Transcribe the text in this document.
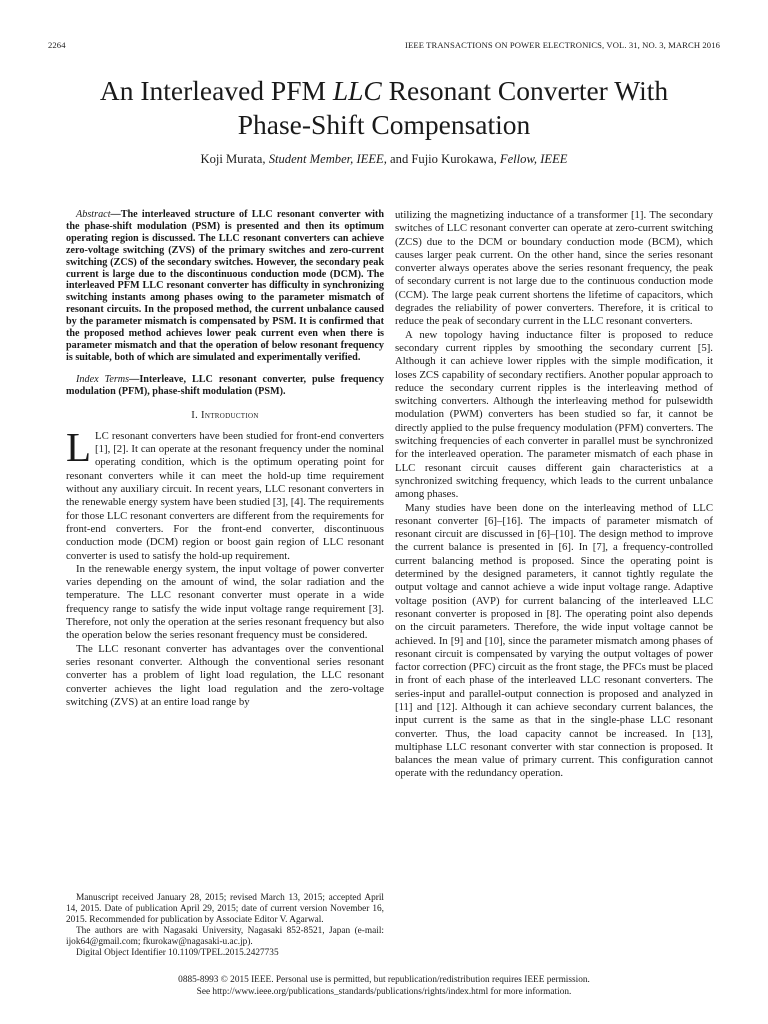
2264	IEEE TRANSACTIONS ON POWER ELECTRONICS, VOL. 31, NO. 3, MARCH 2016
An Interleaved PFM LLC Resonant Converter With
Phase-Shift Compensation
Koji Murata, Student Member, IEEE, and Fujio Kurokawa, Fellow, IEEE

Abstract—The interleaved structure of LLC resonant converter with the phase-shift modulation (PSM) is presented and then its optimum operating region is discussed. The LLC resonant converters can achieve zero-voltage switching (ZVS) of the primary switches and zero-current switching (ZCS) of the secondary switches. However, the secondary peak current is large due to the discontinuous conduction mode (DCM). The interleaved PFM LLC resonant converter has difficulty in synchronizing switching instants among phases owing to the parameter mismatch of resonant circuits. In the proposed method, the current unbalance caused by the parameter mismatch is compensated by PSM. It is confirmed that the proposed method achieves lower peak current even when there is parameter mismatch and that the operation of below resonant frequency is suitable, both of which are simulated and experimentally verified.

Index Terms—Interleave, LLC resonant converter, pulse frequency modulation (PFM), phase-shift modulation (PSM).

I. Introduction

LLC resonant converters have been studied for front-end converters [1], [2]. It can operate at the resonant frequency under the nominal operating condition, which is the optimum operating point for resonant converters while it can meet the hold-up time requirement without any auxiliary circuit. In recent years, LLC resonant converters in the renewable energy system have been studied [3], [4]. The requirements for those LLC resonant converters are different from the requirements for front-end converters. For the front-end converter, discontinuous conduction mode (DCM) region or boost gain region of LLC resonant converter is used to satisfy the hold-up requirement.

In the renewable energy system, the input voltage of power converter varies depending on the amount of wind, the solar radiation and the temperature. The LLC resonant converter must operate in a wide frequency range to satisfy the wide input voltage range requirement [3]. Therefore, not only the operation at the series resonant frequency but also the operation below the series resonant frequency must be considered.

The LLC resonant converter has advantages over the conventional series resonant converter. Although the conventional series resonant converter has a problem of light load regulation, the LLC resonant converter achieves the light load regulation and the zero-voltage switching (ZVS) at an entire load range by

Manuscript received January 28, 2015; revised March 13, 2015; accepted April 14, 2015. Date of publication April 29, 2015; date of current version November 16, 2015. Recommended for publication by Associate Editor V. Agarwal.

The authors are with Nagasaki University, Nagasaki 852-8521, Japan (e-mail: ijok64@gmail.com; fkurokaw@nagasaki-u.ac.jp).

Digital Object Identifier 10.1109/TPEL.2015.2427735

utilizing the magnetizing inductance of a transformer [1]. The secondary switches of LLC resonant converter can operate at zero-current switching (ZCS) due to the DCM or boundary conduction mode (BCM), which causes larger peak current. On the other hand, since the series resonant converter always operates above the series resonant frequency, the peak of secondary current is not large due to the continuous conduction mode (CCM). The large peak current shortens the lifetime of capacitors, which degrades the reliability of power converters. Therefore, it is critical to reduce the peak of secondary current in the LLC resonant converters.

A new topology having inductance filter is proposed to reduce secondary current ripples by smoothing the secondary current [5]. Although it can achieve lower ripples with the simple modification, it loses ZCS capability of secondary rectifiers. Another popular approach to reduce the secondary current ripples is the interleaving method of switching converters. Although the interleaving method for pulsewidth modulation (PWM) converters has been studied so far, it cannot be directly applied to the pulse frequency modulation (PFM) converters. The switching frequencies of each converter in parallel must be synchronized for the interleaved operation. The parameter mismatch of each phase in LLC resonant circuit causes different gain characteristics at a synchronized switching frequency, which leads to the current unbalance among phases.

Many studies have been done on the interleaving method of LLC resonant converter [6]–[16]. The impacts of parameter mismatch of resonant circuit are discussed in [6]–[10]. The design method to improve the current balance is presented in [6]. In [7], a frequency-controlled current balancing method is proposed. Since the operating point is determined by the designed parameters, it cannot tightly regulate the output voltage and cannot achieve a wide input voltage range. Adaptive voltage position (AVP) for current balancing of the interleaved LLC resonant converter is proposed in [8]. The operating point also depends on the circuit parameters. Therefore, the wide input voltage cannot be achieved. In [9] and [10], since the parameter mismatch among phases of resonant circuit is compensated by varying the output voltages of power factor correction (PFC) circuit as the front stage, the PFCs must be placed in front of each phase of the interleaved LLC resonant converters. The series-input and parallel-output connection is proposed and analyzed in [11] and [12]. Although it can achieve secondary current balances, the input current is the same as that in the single-phase LLC resonant converter. Thus, the load capacity cannot be increased. In [13], multiphase LLC resonant converter with star connection is proposed. It balances the mean value of primary current. This configuration cannot operate with the redundancy operation.

0885-8993 © 2015 IEEE. Personal use is permitted, but republication/redistribution requires IEEE permission.
See http://www.ieee.org/publications_standards/publications/rights/index.html for more information.
